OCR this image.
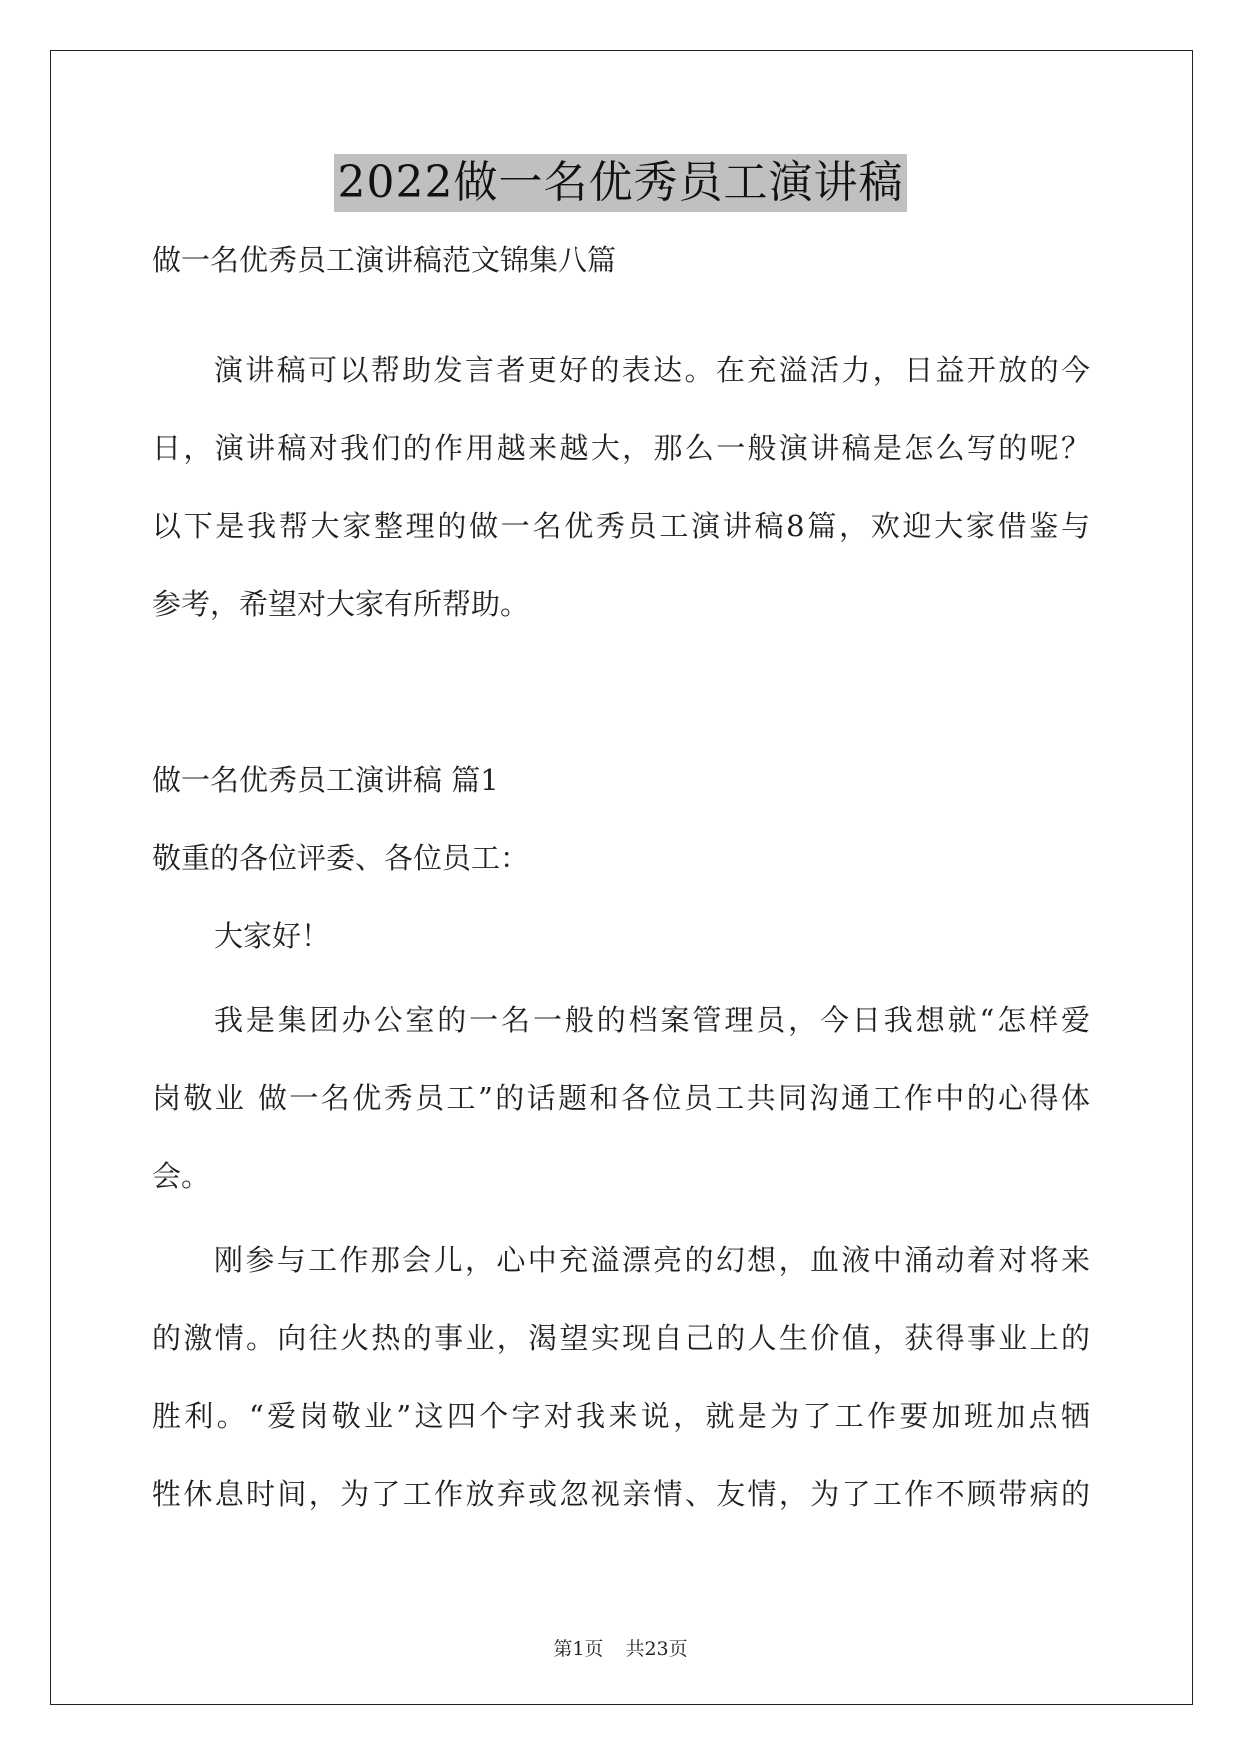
2022做一名优秀员工演讲稿
做一名优秀员工演讲稿范文锦集八篇
演讲稿可以帮助发言者更好的表达。在充溢活力，日益开放的今
日，演讲稿对我们的作用越来越大，那么一般演讲稿是怎么写的呢？
以下是我帮大家整理的做一名优秀员工演讲稿8篇，欢迎大家借鉴与
参考，希望对大家有所帮助。
做一名优秀员工演讲稿 篇1
敬重的各位评委、各位员工：
大家好！
我是集团办公室的一名一般的档案管理员，今日我想就“怎样爱
岗敬业 做一名优秀员工”的话题和各位员工共同沟通工作中的心得体
会。
刚参与工作那会儿，心中充溢漂亮的幻想，血液中涌动着对将来
的激情。向往火热的事业，渴望实现自己的人生价值，获得事业上的
胜利。“爱岗敬业”这四个字对我来说，就是为了工作要加班加点牺
牲休息时间，为了工作放弃或忽视亲情、友情，为了工作不顾带病的
第1页 共23页
